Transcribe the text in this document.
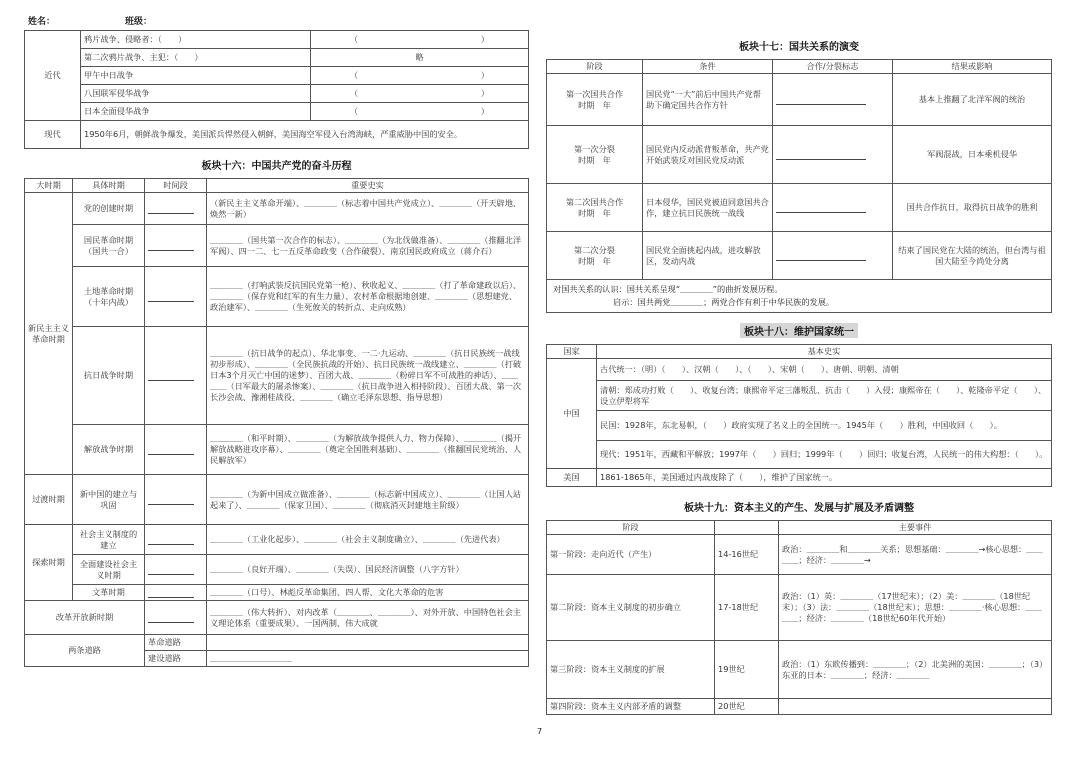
姓名：	班级：
近代	鸦片战争、侵略者：（　　）	（　　　　　　　　　　　　　　　）
	第二次鸦片战争、主犯：（　　）	略
	甲午中日战争	（　　　　　　　　　　　　　　　）
	八国联军侵华战争	（　　　　　　　　　　　　　　　）
	日本全面侵华战争	（　　　　　　　　　　　　　　　）
现代	1950年6月，朝鲜战争爆发，美国派兵悍然侵入朝鲜，美国海空军侵入台湾海峡，严重威胁中国的安全。	
板块十六：中国共产党的奋斗历程
大时期	具体时期	时间段	重要史实
新民主主义革命时期	党的创建时期		（新民主主义革命开端）、＿＿＿＿（标志着中国共产党成立）、＿＿＿＿（开天辟地、焕然一新）
	国民革命时期（国共一合）		＿＿＿＿（国共第一次合作的标志）、＿＿＿＿（为北伐做准备）、＿＿＿＿（推翻北洋军阀）、四一二、七一五反革命政变（合作破裂）、南京国民政府成立（蒋介石）
	土地革命时期（十年内战）		＿＿＿＿（打响武装反抗国民党第一枪）、秋收起义、＿＿＿＿（打了革命建政以后）、＿＿＿＿（保存党和红军的有生力量）、农村革命根据地创建、＿＿＿＿（思想建党、政治建军）、＿＿＿＿（生死攸关的转折点、走向成熟）
	抗日战争时期		＿＿＿＿（抗日战争的起点）、华北事变、一二·九运动、＿＿＿＿（抗日民族统一战线初步形成）、＿＿＿＿（全民族抗战的开始）、抗日民族统一战线建立、＿＿＿＿（打破日本3个月灭亡中国的迷梦）、百团大战、＿＿＿＿（粉碎日军不可战胜的神话）、＿＿＿＿（日军最大的屠杀惨案）、＿＿＿＿（抗日战争进入相持阶段）、百团大战、第一次长沙会战、豫湘桂战役、＿＿＿＿（确立毛泽东思想、指导思想）
	解放战争时期		＿＿＿＿（和平时期）、＿＿＿＿（为解放战争提供人力、物力保障）、＿＿＿＿（揭开解放战略进攻序幕）、＿＿＿＿（奠定全国胜利基础）、＿＿＿＿（推翻国民党统治、人民解放军）
过渡时期	新中国的建立与巩固		＿＿＿＿（为新中国成立做准备）、＿＿＿＿（标志新中国成立）、＿＿＿＿（让国人站起来了）、＿＿＿＿（保家卫国）、＿＿＿＿（彻底消灭封建地主阶级）
探索时期	社会主义制度的建立		＿＿＿＿（工业化起步）、＿＿＿＿（社会主义制度确立）、＿＿＿＿（先进代表）
	全面建设社会主义时期		＿＿＿＿（良好开端）、＿＿＿＿（失误）、国民经济调整（八字方针）
	文革时期		＿＿＿＿（口号）、林彪反革命集团、四人帮、文化大革命的危害
改革开放新时期			＿＿＿＿（伟大转折）、对内改革（＿＿＿＿、＿＿＿＿）、对外开放、中国特色社会主义理论体系（重要成果）、一国两制、伟大成就
两条道路		革命道路	
		建设道路	＿＿＿＿＿＿＿＿＿＿
板块十七：国共关系的演变
阶段	条件	合作/分裂标志	结果或影响

第一次国共合作
时期　年	国民党“一大”前后中国共产党帮助下确定国共合作方针		基本上推翻了北洋军阀的统治

第一次分裂
时期　年	国民党内反动派背叛革命，共产党开始武装反对国民党反动派		军阀混战，日本乘机侵华

第二次国共合作
时期　年	日本侵华，国民党被迫同意国共合作，建立抗日民族统一战线		国共合作抗日，取得抗日战争的胜利

第二次分裂
时期　年	国民党全面挑起内战，进攻解放区，发动内战		结束了国民党在大陆的统治，但台湾与祖国大陆至今尚处分离
对国共关系的认识：国共关系呈现“＿＿＿＿”的曲折发展历程。
启示：国共两党＿＿＿＿；两党合作有利于中华民族的发展。
板块十八：维护国家统一
国家	基本史实
中国	古代统一：（明）（　　）、汉朝（　　）、（　　）、宋朝（　　）、唐朝、明朝、清朝
	清朝：郑成功打败（　　）、收复台湾；康熙帝平定三藩叛乱、抗击（　　）入侵；康熙帝在（　　）、乾隆帝平定（　　）、设立伊犁将军
	民国：1928年，东北易帜，（　　）政府实现了名义上的全国统一。1945年（　　）胜利，中国收回（　　）。
	现代：1951年，西藏和平解放；1997年（　　）回归；1999年（　　）回归；收复台湾，人民统一的伟大构想：（　　）。
美国	1861-1865年，美国通过内战废除了（　　），维护了国家统一。
板块十九：资本主义的产生、发展与扩展及矛盾调整
阶段		主要事件
第一阶段：走向近代（产生）	14-16世纪	政治：＿＿＿＿和＿＿＿＿关系；思想基础：＿＿＿＿→核心思想：＿＿＿＿；经济：＿＿＿＿→
第二阶段：资本主义制度的初步确立	17-18世纪	政治：（1）英：＿＿＿＿（17世纪末）；（2）美：＿＿＿＿（18世纪末）；（3）法：＿＿＿＿（18世纪末）；思想：＿＿＿＿·核心思想：＿＿＿＿；经济：＿＿＿＿（18世纪60年代开始）
第三阶段：资本主义制度的扩展	19世纪	政治：（1）东欧传播到：＿＿＿＿；（2）北美洲的美国：＿＿＿＿；（3）东亚的日本：＿＿＿＿；经济：＿＿＿＿
第四阶段：资本主义内部矛盾的调整	20世纪	
7
